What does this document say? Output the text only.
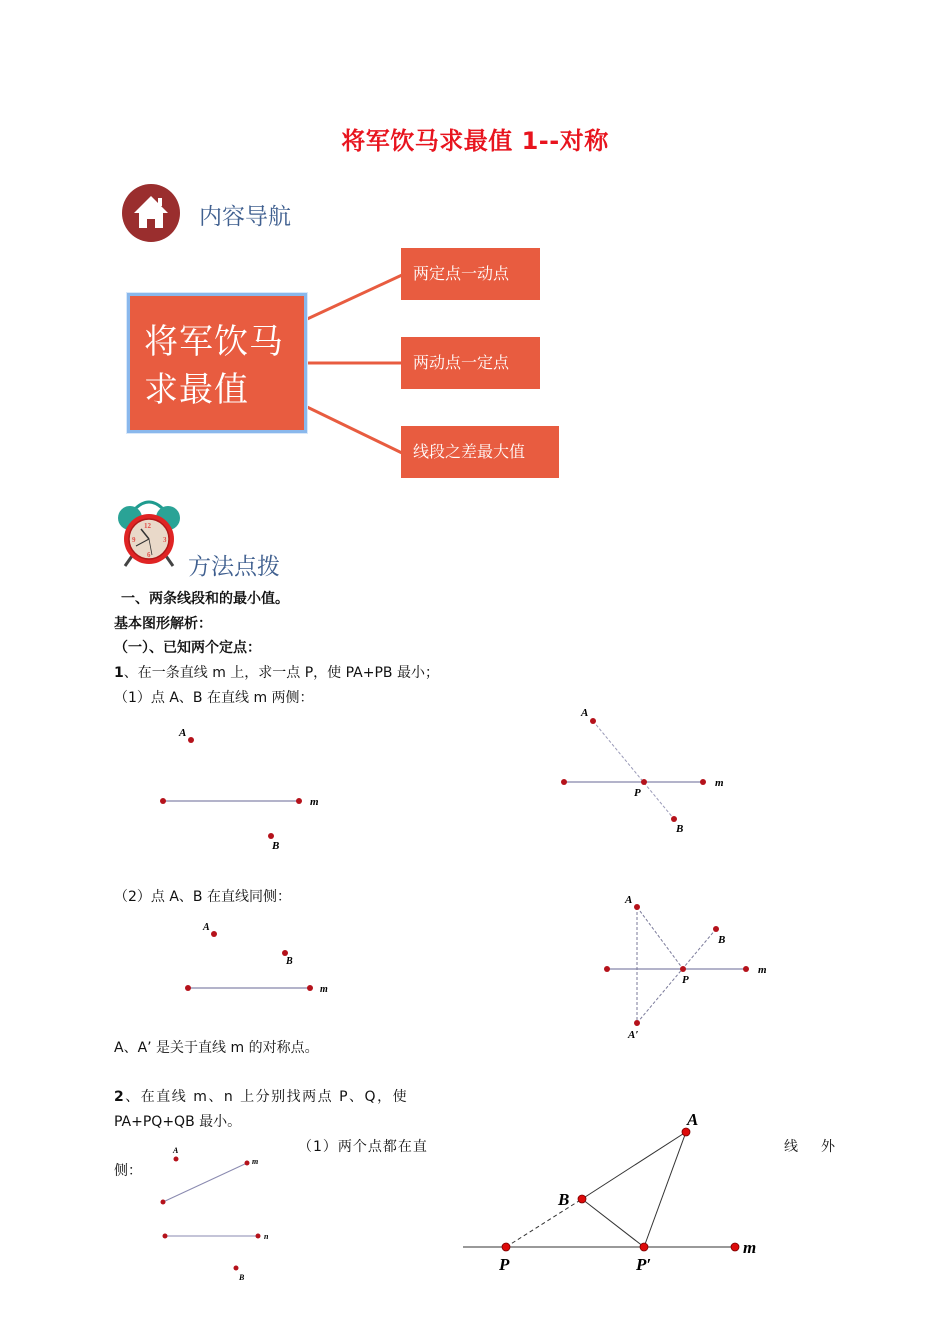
将军饮马求最值 1--对称
内容导航
将军饮马
求最值
两定点一动点
两动点一定点
线段之差最大值
12
3
6
9
方法点拨
一、两条线段和的最小值。
基本图形解析：
（一）、已知两个定点：
1、在一条直线 m 上，求一点 P，使 PA+PB 最小；
（1）点 A、B 在直线 m 两侧：
A
m
B
A
P
m
B
（2）点 A、B 在直线同侧：
A
B
m
A
B
P
m
A′
A、A’ 是关于直线 m 的对称点。
2、在直线 m、n 上分别找两点 P、Q，使
PA+PQ+QB 最小。
（1）两个点都在直	线 外
侧：
A
m
n
B
A
B
P	P′
m
